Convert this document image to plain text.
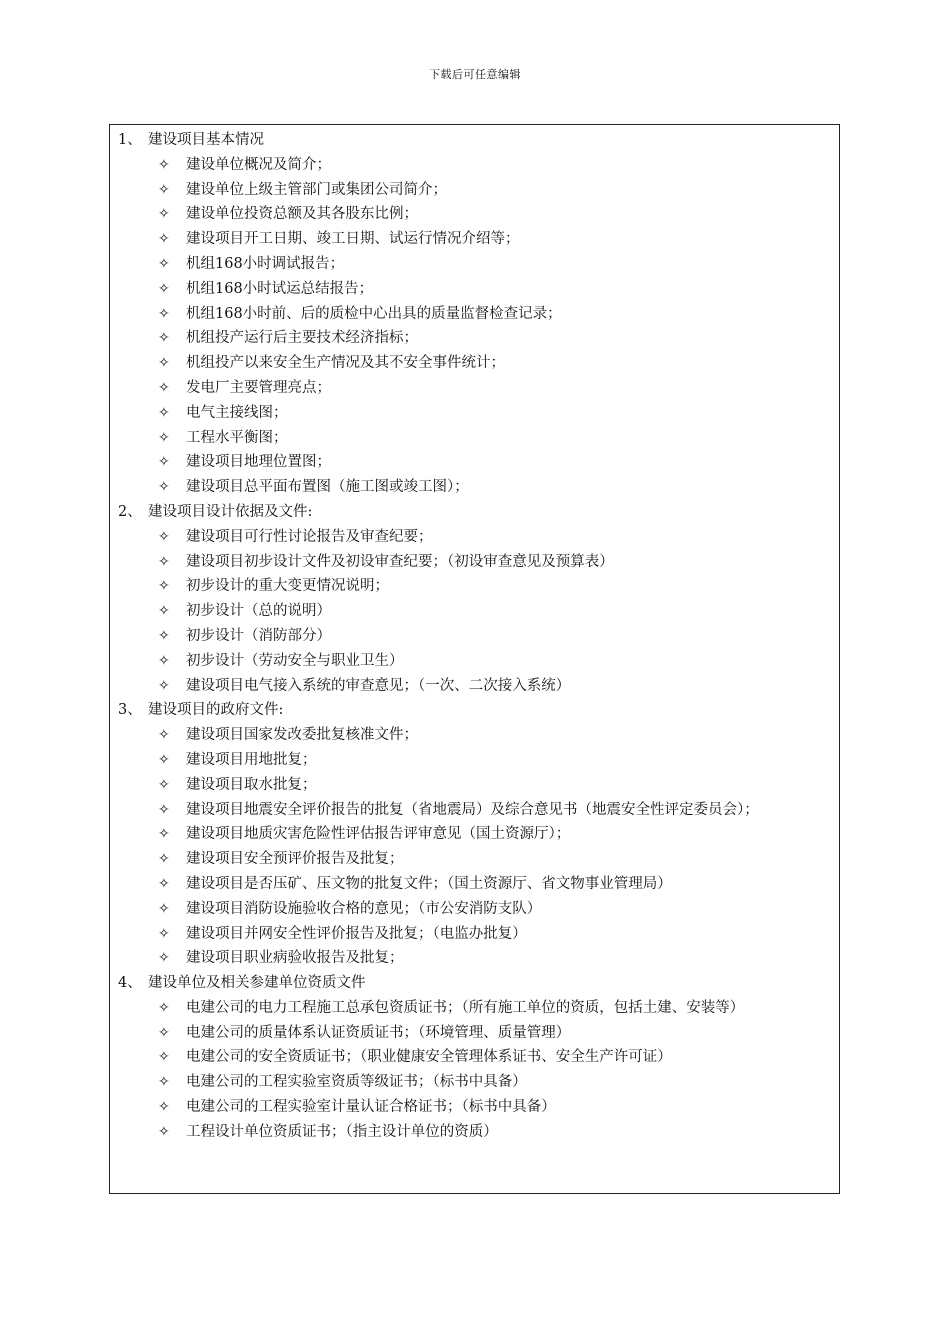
下载后可任意编辑
1、 建设项目基本情况
✧	建设单位概况及简介；
✧	建设单位上级主管部门或集团公司简介；
✧	建设单位投资总额及其各股东比例；
✧	建设项目开工日期、竣工日期、试运行情况介绍等；
✧	机组168小时调试报告；
✧	机组168小时试运总结报告；
✧	机组168小时前、后的质检中心出具的质量监督检查记录；
✧	机组投产运行后主要技术经济指标；
✧	机组投产以来安全生产情况及其不安全事件统计；
✧	发电厂主要管理亮点；
✧	电气主接线图；
✧	工程水平衡图；
✧	建设项目地理位置图；
✧	建设项目总平面布置图（施工图或竣工图）；
2、 建设项目设计依据及文件:
✧	建设项目可行性讨论报告及审查纪要；
✧	建设项目初步设计文件及初设审查纪要；（初设审查意见及预算表）
✧	初步设计的重大变更情况说明；
✧	初步设计（总的说明）
✧	初步设计（消防部分）
✧	初步设计（劳动安全与职业卫生）
✧	建设项目电气接入系统的审查意见；（一次、二次接入系统）
3、 建设项目的政府文件:
✧	建设项目国家发改委批复核准文件；
✧	建设项目用地批复；
✧	建设项目取水批复；
✧	建设项目地震安全评价报告的批复（省地震局）及综合意见书（地震安全性评定委员会）；
✧	建设项目地质灾害危险性评估报告评审意见（国土资源厅）；
✧	建设项目安全预评价报告及批复；
✧	建设项目是否压矿、压文物的批复文件；（国土资源厅、省文物事业管理局）
✧	建设项目消防设施验收合格的意见；（市公安消防支队）
✧	建设项目并网安全性评价报告及批复；（电监办批复）
✧	建设项目职业病验收报告及批复；
4、 建设单位及相关参建单位资质文件
✧	电建公司的电力工程施工总承包资质证书；（所有施工单位的资质，包括土建、安装等）
✧	电建公司的质量体系认证资质证书；（环境管理、质量管理）
✧	电建公司的安全资质证书；（职业健康安全管理体系证书、安全生产许可证）
✧	电建公司的工程实验室资质等级证书；（标书中具备）
✧	电建公司的工程实验室计量认证合格证书；（标书中具备）
✧	工程设计单位资质证书；（指主设计单位的资质）
